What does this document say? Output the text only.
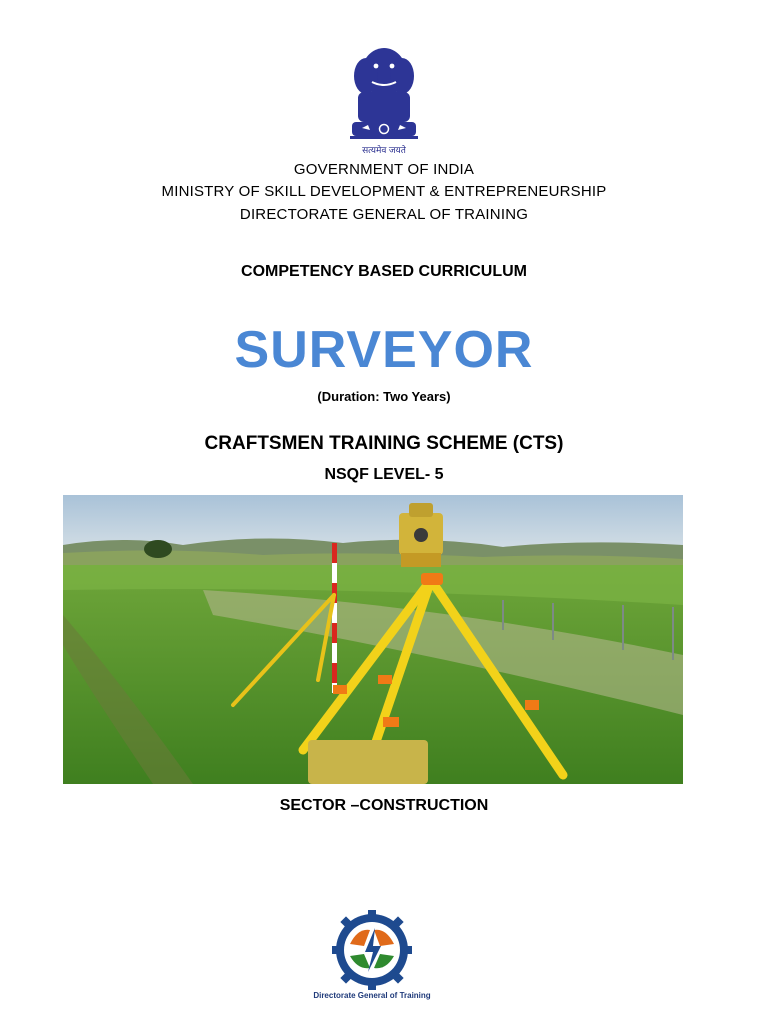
सत्यमेव जयते
GOVERNMENT OF INDIA
MINISTRY OF SKILL DEVELOPMENT & ENTREPRENEURSHIP
DIRECTORATE GENERAL OF TRAINING
COMPETENCY BASED CURRICULUM
SURVEYOR
(Duration: Two Years)
CRAFTSMEN TRAINING SCHEME (CTS)
NSQF LEVEL- 5
SECTOR –CONSTRUCTION
Directorate General of Training
